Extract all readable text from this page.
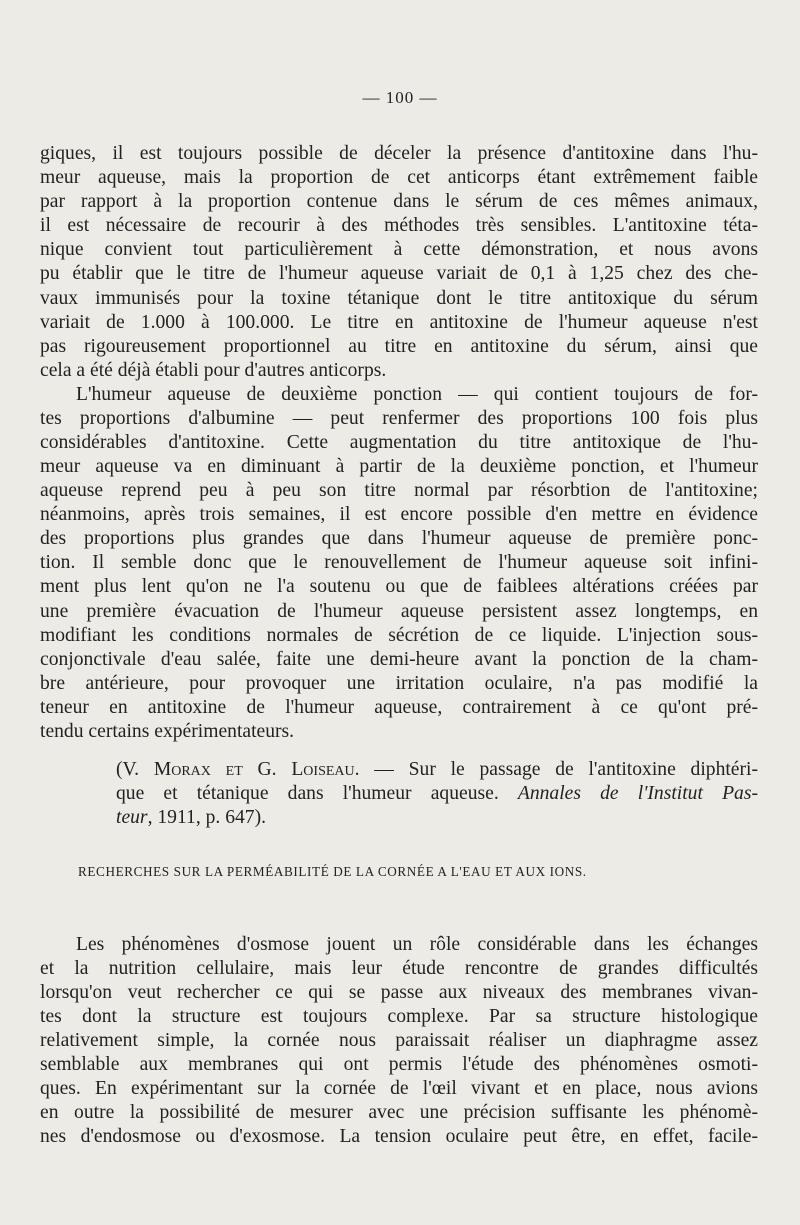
— 100 —
giques, il est toujours possible de déceler la présence d'antitoxine dans l'hu-
meur aqueuse, mais la proportion de cet anticorps étant extrêmement faible
par rapport à la proportion contenue dans le sérum de ces mêmes animaux,
il est nécessaire de recourir à des méthodes très sensibles. L'antitoxine téta-
nique convient tout particulièrement à cette démonstration, et nous avons
pu établir que le titre de l'humeur aqueuse variait de 0,1 à 1,25 chez des che-
vaux immunisés pour la toxine tétanique dont le titre antitoxique du sérum
variait de 1.000 à 100.000. Le titre en antitoxine de l'humeur aqueuse n'est
pas rigoureusement proportionnel au titre en antitoxine du sérum, ainsi que
cela a été déjà établi pour d'autres anticorps.
L'humeur aqueuse de deuxième ponction — qui contient toujours de for-
tes proportions d'albumine — peut renfermer des proportions 100 fois plus
considérables d'antitoxine. Cette augmentation du titre antitoxique de l'hu-
meur aqueuse va en diminuant à partir de la deuxième ponction, et l'humeur
aqueuse reprend peu à peu son titre normal par résorbtion de l'antitoxine;
néanmoins, après trois semaines, il est encore possible d'en mettre en évidence
des proportions plus grandes que dans l'humeur aqueuse de première ponc-
tion. Il semble donc que le renouvellement de l'humeur aqueuse soit infini-
ment plus lent qu'on ne l'a soutenu ou que de faiblees altérations créées par
une première évacuation de l'humeur aqueuse persistent assez longtemps, en
modifiant les conditions normales de sécrétion de ce liquide. L'injection sous-
conjonctivale d'eau salée, faite une demi-heure avant la ponction de la cham-
bre antérieure, pour provoquer une irritation oculaire, n'a pas modifié la
teneur en antitoxine de l'humeur aqueuse, contrairement à ce qu'ont pré-
tendu certains expérimentateurs.
(V. Morax et G. Loiseau. — Sur le passage de l'antitoxine diphtéri-
que et tétanique dans l'humeur aqueuse. Annales de l'Institut Pas-
teur, 1911, p. 647).
RECHERCHES SUR LA PERMÉABILITÉ DE LA CORNÉE A L'EAU ET AUX IONS.
Les phénomènes d'osmose jouent un rôle considérable dans les échanges
et la nutrition cellulaire, mais leur étude rencontre de grandes difficultés
lorsqu'on veut rechercher ce qui se passe aux niveaux des membranes vivan-
tes dont la structure est toujours complexe. Par sa structure histologique
relativement simple, la cornée nous paraissait réaliser un diaphragme assez
semblable aux membranes qui ont permis l'étude des phénomènes osmoti-
ques. En expérimentant sur la cornée de l'œil vivant et en place, nous avions
en outre la possibilité de mesurer avec une précision suffisante les phénomè-
nes d'endosmose ou d'exosmose. La tension oculaire peut être, en effet, facile-
